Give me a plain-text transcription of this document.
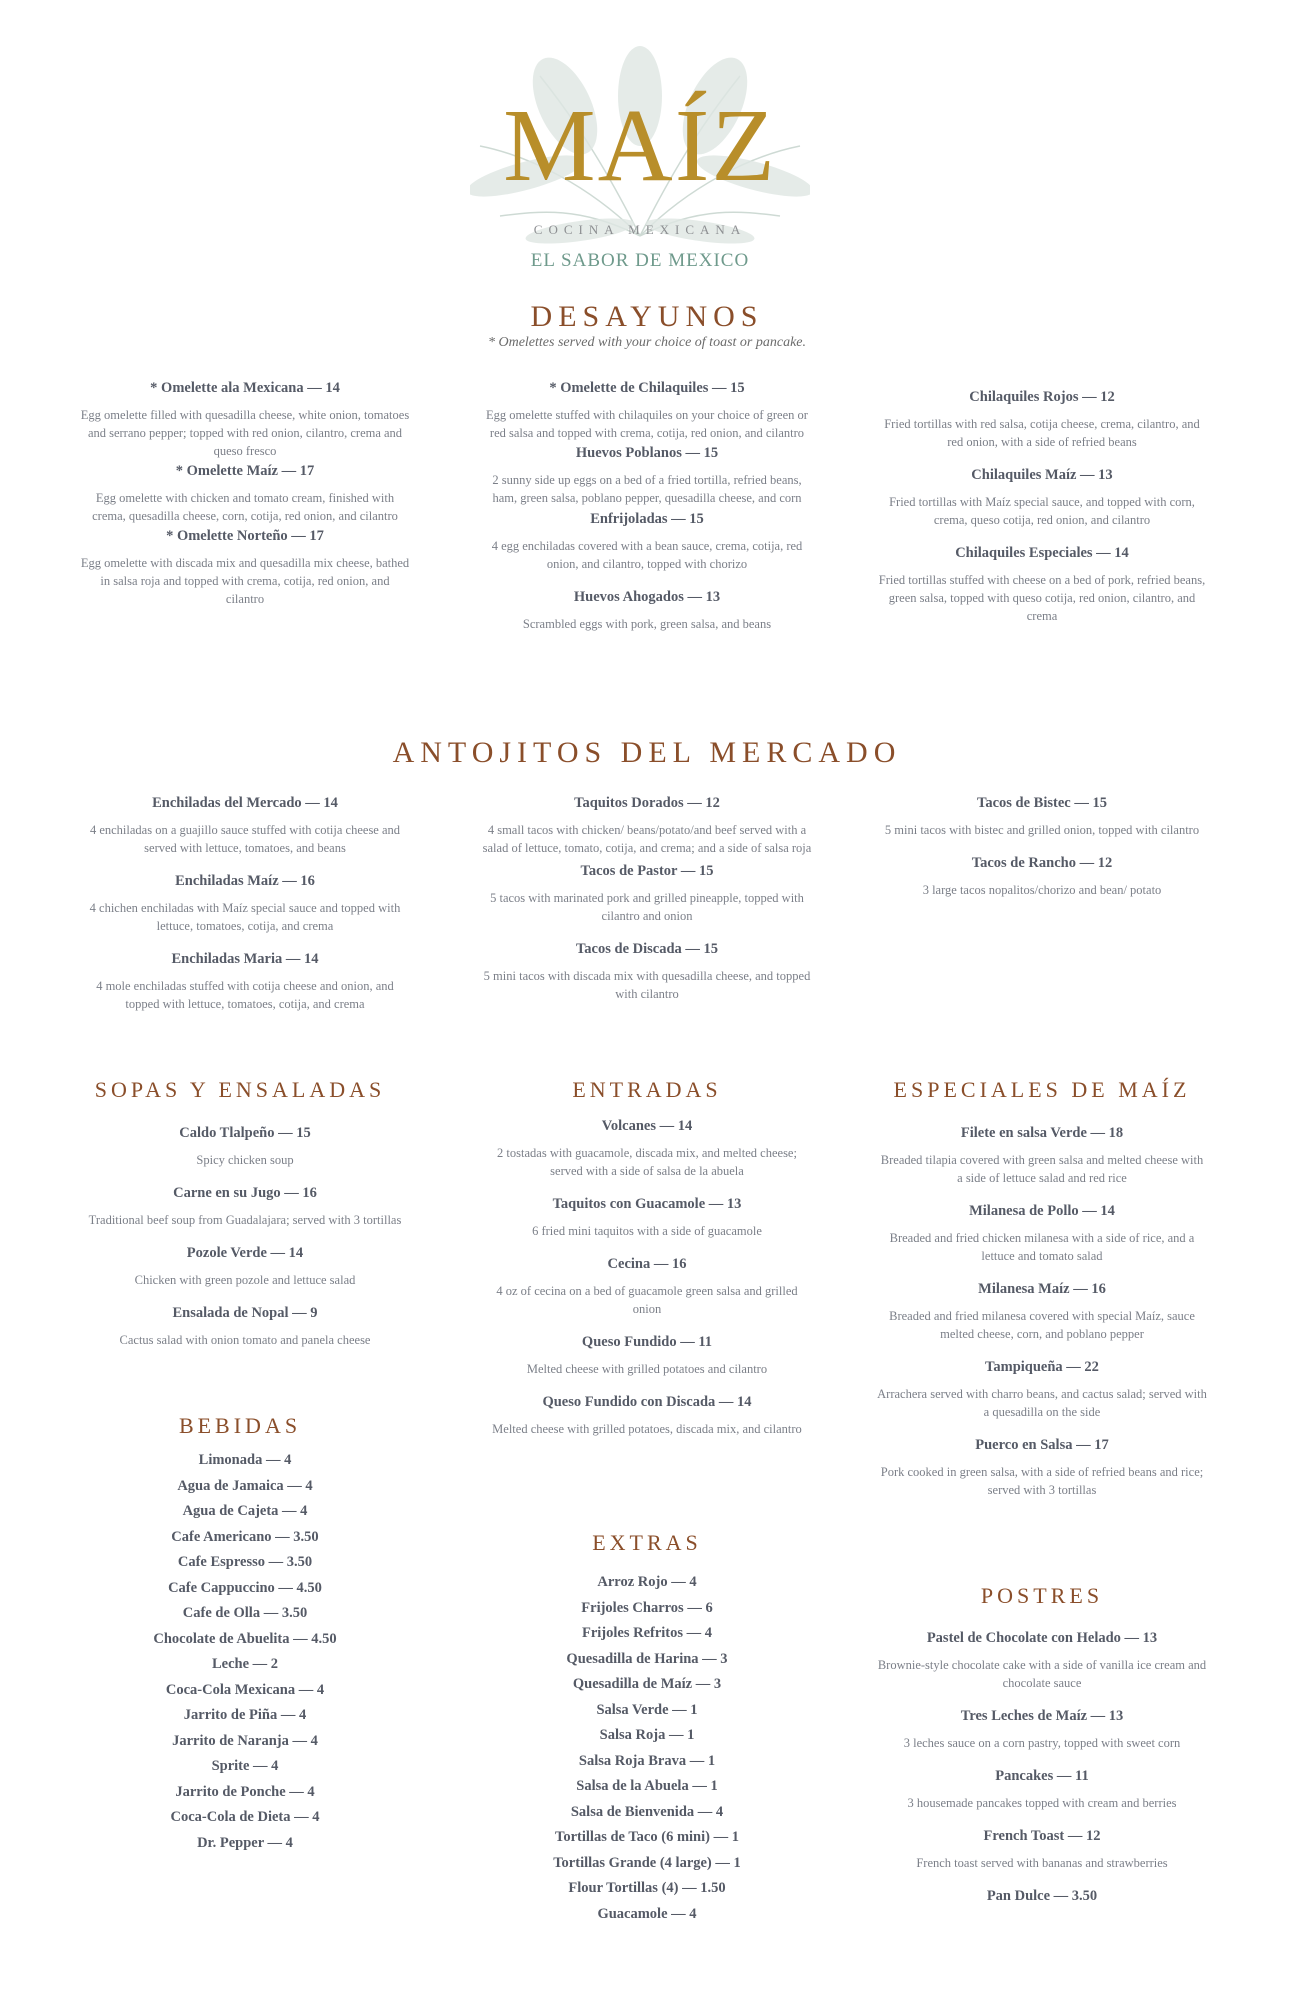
MAÍZ
COCINA MEXICANA
EL SABOR DE MEXICO
DESAYUNOS
* Omelettes served with your choice of toast or pancake.
* Omelette ala Mexicana — 14
Egg omelette filled with quesadilla cheese, white onion, tomatoes and serrano pepper; topped with red onion, cilantro, crema and queso fresco
* Omelette Maíz — 17
Egg omelette with chicken and tomato cream, finished with crema, quesadilla cheese, corn, cotija, red onion, and cilantro
* Omelette Norteño — 17
Egg omelette with discada mix and quesadilla mix cheese, bathed in salsa roja and topped with crema, cotija, red onion, and cilantro
* Omelette de Chilaquiles — 15
Egg omelette stuffed with chilaquiles on your choice of green or red salsa and topped with crema, cotija, red onion, and cilantro
Huevos Poblanos — 15
2 sunny side up eggs on a bed of a fried tortilla, refried beans, ham, green salsa, poblano pepper, quesadilla cheese, and corn
Enfrijoladas — 15
4 egg enchiladas covered with a bean sauce, crema, cotija, red onion, and cilantro, topped with chorizo
Huevos Ahogados — 13
Scrambled eggs with pork, green salsa, and beans
Chilaquiles Rojos — 12
Fried tortillas with red salsa, cotija cheese, crema, cilantro, and red onion, with a side of refried beans
Chilaquiles Maíz — 13
Fried tortillas with Maíz special sauce, and topped with corn, crema, queso cotija, red onion, and cilantro
Chilaquiles Especiales — 14
Fried tortillas stuffed with cheese on a bed of pork, refried beans, green salsa, topped with queso cotija, red onion, cilantro, and crema
ANTOJITOS DEL MERCADO
Enchiladas del Mercado — 14
4 enchiladas on a guajillo sauce stuffed with cotija cheese and served with lettuce, tomatoes, and beans
Enchiladas Maíz — 16
4 chichen enchiladas with Maíz special sauce and topped with lettuce, tomatoes, cotija, and crema
Enchiladas Maria — 14
4 mole enchiladas stuffed with cotija cheese and onion, and topped with lettuce, tomatoes, cotija, and crema
Taquitos Dorados — 12
4 small tacos with chicken/ beans/potato/and beef served with a salad of lettuce, tomato, cotija, and crema; and a side of salsa roja
Tacos de Pastor — 15
5 tacos with marinated pork and grilled pineapple, topped with cilantro and onion
Tacos de Discada — 15
5 mini tacos with discada mix with quesadilla cheese, and topped with cilantro
Tacos de Bistec — 15
5 mini tacos with bistec and grilled onion, topped with cilantro
Tacos de Rancho — 12
3 large tacos nopalitos/chorizo and bean/ potato
SOPAS Y ENSALADAS
Caldo Tlalpeño — 15
Spicy chicken soup
Carne en su Jugo — 16
Traditional beef soup from Guadalajara; served with 3 tortillas
Pozole Verde — 14
Chicken with green pozole and lettuce salad
Ensalada de Nopal — 9
Cactus salad with onion tomato and panela cheese
BEBIDAS
Limonada — 4
Agua de Jamaica — 4
Agua de Cajeta — 4
Cafe Americano — 3.50
Cafe Espresso — 3.50
Cafe Cappuccino — 4.50
Cafe de Olla — 3.50
Chocolate de Abuelita — 4.50
Leche — 2
Coca-Cola Mexicana — 4
Jarrito de Piña — 4
Jarrito de Naranja — 4
Sprite — 4
Jarrito de Ponche — 4
Coca-Cola de Dieta — 4
Dr. Pepper — 4
ENTRADAS
Volcanes — 14
2 tostadas with guacamole, discada mix, and melted cheese; served with a side of salsa de la abuela
Taquitos con Guacamole — 13
6 fried mini taquitos with a side of guacamole
Cecina — 16
4 oz of cecina on a bed of guacamole green salsa and grilled onion
Queso Fundido — 11
Melted cheese with grilled potatoes and cilantro
Queso Fundido con Discada — 14
Melted cheese with grilled potatoes, discada mix, and cilantro
EXTRAS
Arroz Rojo — 4
Frijoles Charros — 6
Frijoles Refritos — 4
Quesadilla de Harina — 3
Quesadilla de Maíz — 3
Salsa Verde — 1
Salsa Roja — 1
Salsa Roja Brava — 1
Salsa de la Abuela — 1
Salsa de Bienvenida — 4
Tortillas de Taco (6 mini) — 1
Tortillas Grande (4 large) — 1
Flour Tortillas (4) — 1.50
Guacamole — 4
ESPECIALES DE MAÍZ
Filete en salsa Verde — 18
Breaded tilapia covered with green salsa and melted cheese with a side of lettuce salad and red rice
Milanesa de Pollo — 14
Breaded and fried chicken milanesa with a side of rice, and a lettuce and tomato salad
Milanesa Maíz — 16
Breaded and fried milanesa covered with special Maíz, sauce melted cheese, corn, and poblano pepper
Tampiqueña — 22
Arrachera served with charro beans, and cactus salad; served with a quesadilla on the side
Puerco en Salsa — 17
Pork cooked in green salsa, with a side of refried beans and rice; served with 3 tortillas
POSTRES
Pastel de Chocolate con Helado — 13
Brownie-style chocolate cake with a side of vanilla ice cream and chocolate sauce
Tres Leches de Maíz — 13
3 leches sauce on a corn pastry, topped with sweet corn
Pancakes — 11
3 housemade pancakes topped with cream and berries
French Toast — 12
French toast served with bananas and strawberries
Pan Dulce — 3.50
